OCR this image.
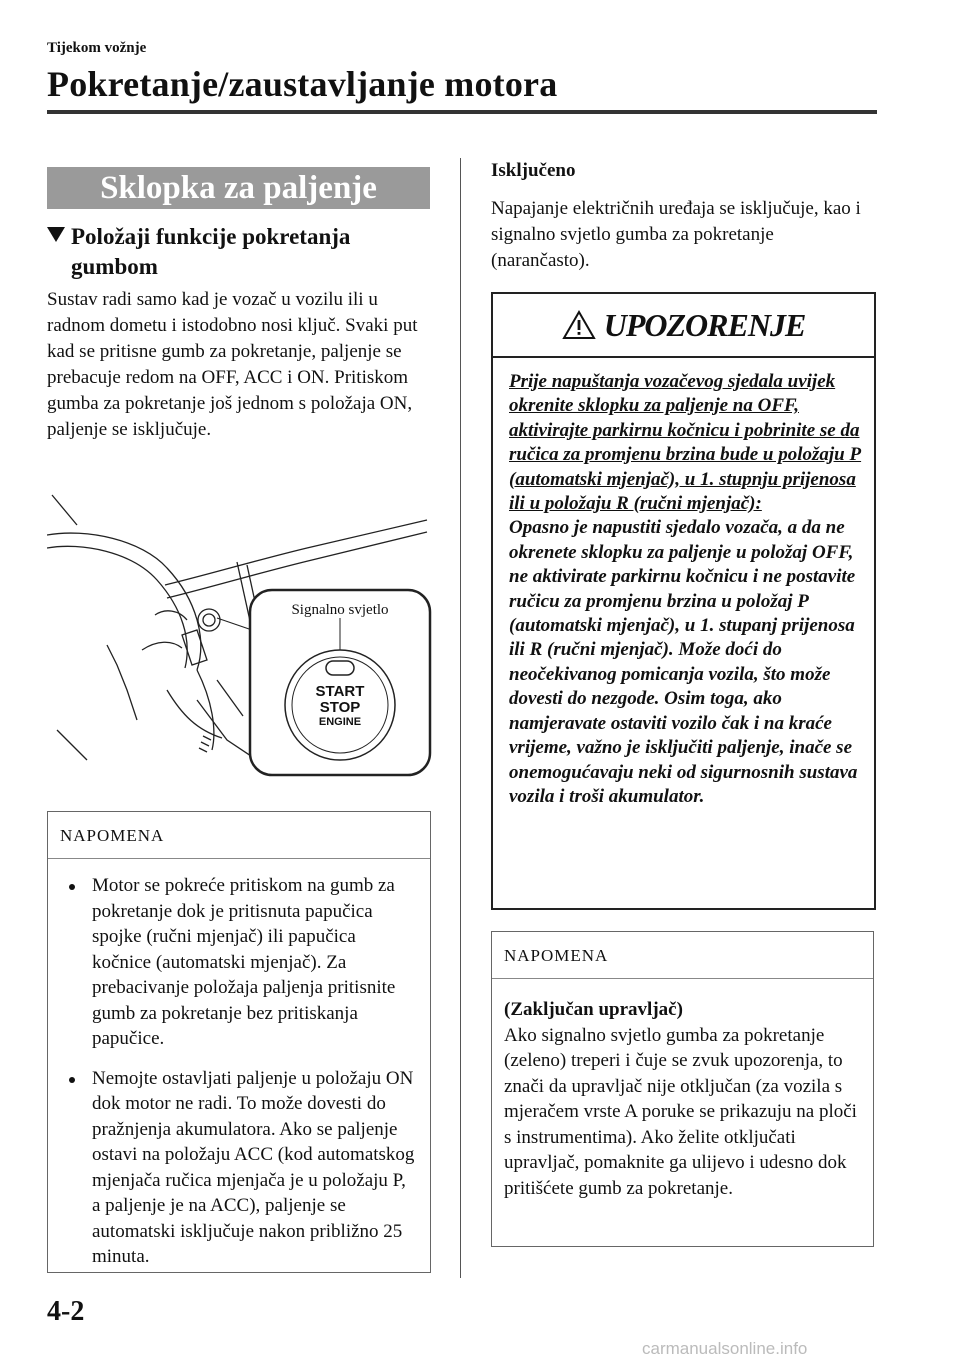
Tijekom vožnje
Pokretanje/zaustavljanje motora
Sklopka za paljenje
Položaji funkcije pokretanja
gumbom
Sustav radi samo kad je vozač u vozilu ili u radnom dometu i istodobno nosi ključ. Svaki put kad se pritisne gumb za pokretanje, paljenje se prebacuje redom na OFF, ACC i ON. Pritiskom gumba za pokretanje još jednom s položaja ON, paljenje se isključuje.
Signalno svjetlo
START
STOP
ENGINE
NAPOMENA
Motor se pokreće pritiskom na gumb za pokretanje dok je pritisnuta papučica spojke (ručni mjenjač) ili papučica kočnice (automatski mjenjač). Za prebacivanje položaja paljenja pritisnite gumb za pokretanje bez pritiskanja papučice.
Nemojte ostavljati paljenje u položaju ON dok motor ne radi. To može dovesti do pražnjenja akumulatora. Ako se paljenje ostavi na položaju ACC (kod automatskog mjenjača ručica mjenjača je u položaju P, a paljenje je na ACC), paljenje se automatski isključuje nakon približno 25 minuta.
Isključeno
Napajanje električnih uređaja se isključuje, kao i signalno svjetlo gumba za pokretanje (narančasto).
UPOZORENJE
Prije napuštanja vozačevog sjedala uvijek okrenite sklopku za paljenje na OFF, aktivirajte parkirnu kočnicu i pobrinite se da ručica za promjenu brzina bude u položaju P (automatski mjenjač), u 1. stupnju prijenosa ili u položaju R (ručni mjenjač):
Opasno je napustiti sjedalo vozača, a da ne okrenete sklopku za paljenje u položaj OFF, ne aktivirate parkirnu kočnicu i ne postavite ručicu za promjenu brzina u položaj P (automatski mjenjač), u 1. stupanj prijenosa ili R (ručni mjenjač). Može doći do neočekivanog pomicanja vozila, što može dovesti do nezgode. Osim toga, ako namjeravate ostaviti vozilo čak i na kraće vrijeme, važno je isključiti paljenje, inače se onemogućavaju neki od sigurnosnih sustava vozila i troši akumulator.
NAPOMENA
(Zaključan upravljač)
Ako signalno svjetlo gumba za pokretanje (zeleno) treperi i čuje se zvuk upozorenja, to znači da upravljač nije otključan (za vozila s mjeračem vrste A poruke se prikazuju na ploči s instrumentima). Ako želite otključati upravljač, pomaknite ga ulijevo i udesno dok pritišćete gumb za pokretanje.
4-2
carmanualsonline.info
